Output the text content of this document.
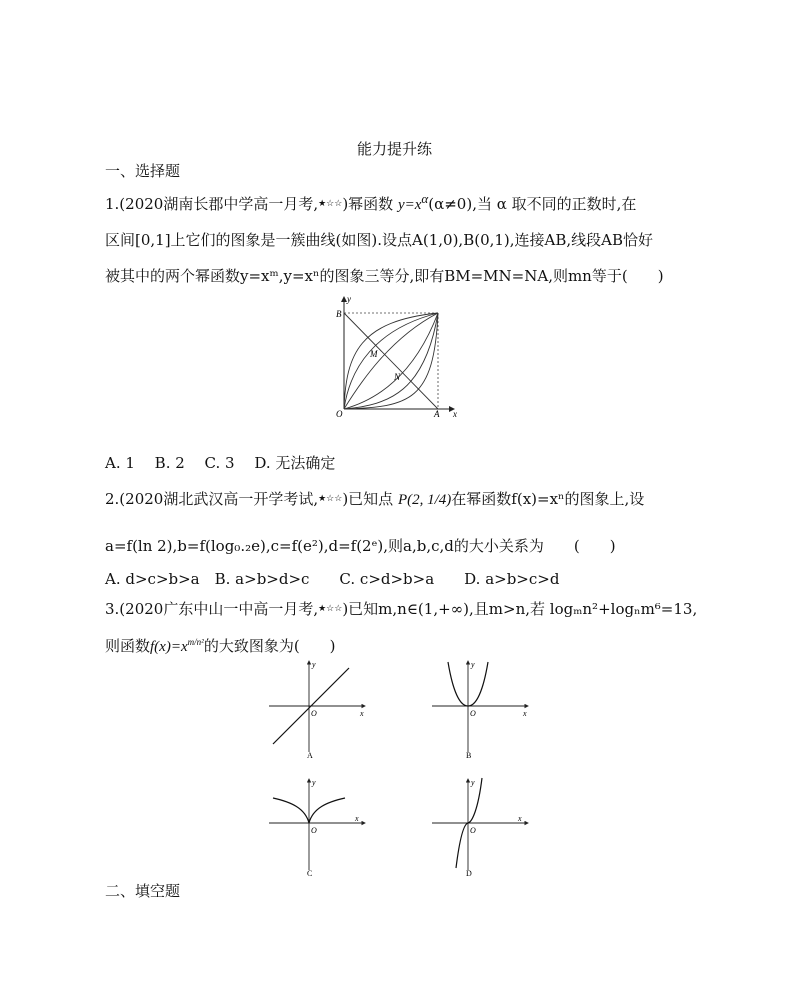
能力提升练
一、选择题
1.(2020湖南长郡中学高一月考,★☆☆)幂函数 $y=x^\alpha(\alpha\ne 0)$,当 α 取不同的正数时,在
区间[0,1]上它们的图象是一簇曲线(如图).设点A(1,0),B(0,1),连接AB,线段AB恰好
被其中的两个幂函数y=xᵐ,y=xⁿ的图象三等分,即有BM=MN=NA,则mn等于(　　)
y
x
O	A
B
M
N
A. 1　 B. 2　 C. 3　 D. 无法确定
2.(2020湖北武汉高一开学考试,★☆☆)已知点 P(2, 1/4)在幂函数f(x)=xⁿ的图象上,设
a=f(ln 2),b=f(log₀.₂e),c=f(e²),d=f(2ᵉ),则a,b,c,d的大小关系为　　(　　)
A. d>c>b>a　B. a>b>d>c　　C. c>d>b>a　　D. a>b>c>d
3.(2020广东中山一中高一月考,★☆☆)已知m,n∈(1,+∞),且m>n,若 logₘn²+logₙm⁶=13,
则函数$f(x)=x^{m/n^2}$的大致图象为(　　)
y
x
O
A
y
x
O
B
y
x
O
C
y
x
O
D
二、填空题
